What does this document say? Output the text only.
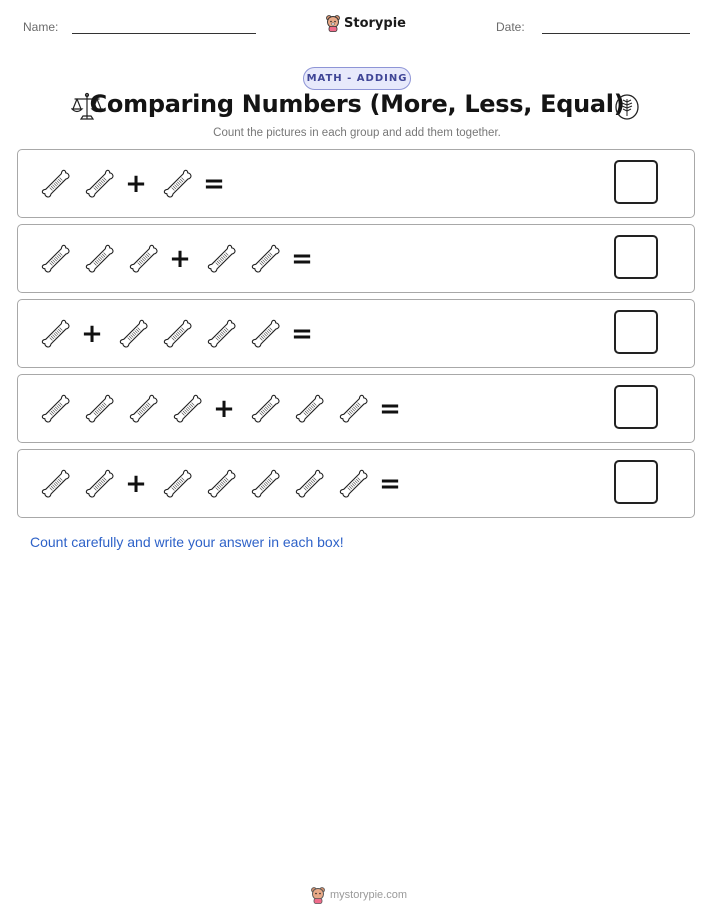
Name:	Storypie	Date:
MATH - ADDING
Comparing Numbers (More, Less, Equal)
Count the pictures in each group and add them together.
+ =
+	=
+	=
+	=
+	=
Count carefully and write your answer in each box!
mystorypie.com
